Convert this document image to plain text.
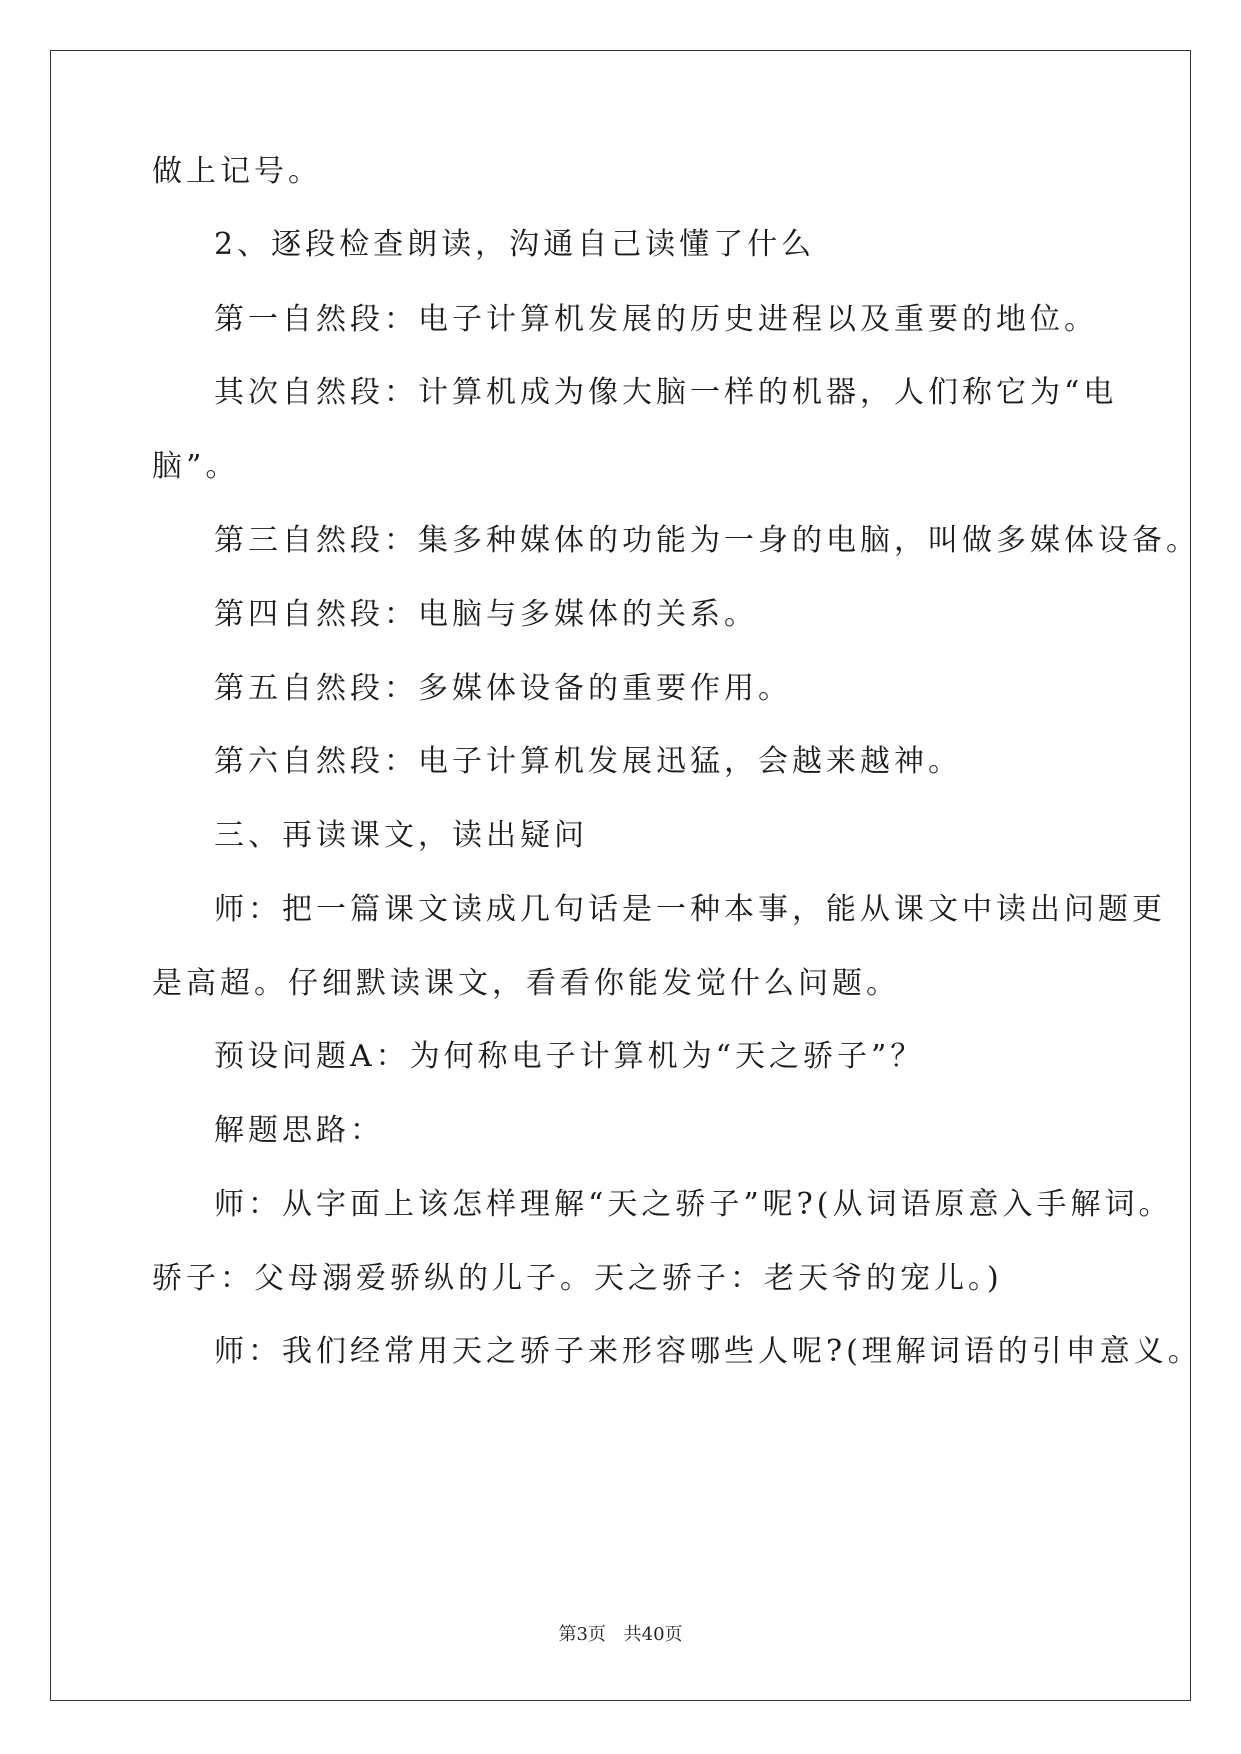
做上记号。
2、逐段检查朗读，沟通自己读懂了什么
第一自然段：电子计算机发展的历史进程以及重要的地位。
其次自然段：计算机成为像大脑一样的机器，人们称它为“电
脑”。
第三自然段：集多种媒体的功能为一身的电脑，叫做多媒体设备。
第四自然段：电脑与多媒体的关系。
第五自然段：多媒体设备的重要作用。
第六自然段：电子计算机发展迅猛，会越来越神。
三、再读课文，读出疑问
师：把一篇课文读成几句话是一种本事，能从课文中读出问题更
是高超。仔细默读课文，看看你能发觉什么问题。
预设问题A：为何称电子计算机为“天之骄子”？
解题思路：
师：从字面上该怎样理解“天之骄子”呢?(从词语原意入手解词。
骄子：父母溺爱骄纵的儿子。天之骄子：老天爷的宠儿。)
师：我们经常用天之骄子来形容哪些人呢?(理解词语的引申意义。
第3页 共40页
